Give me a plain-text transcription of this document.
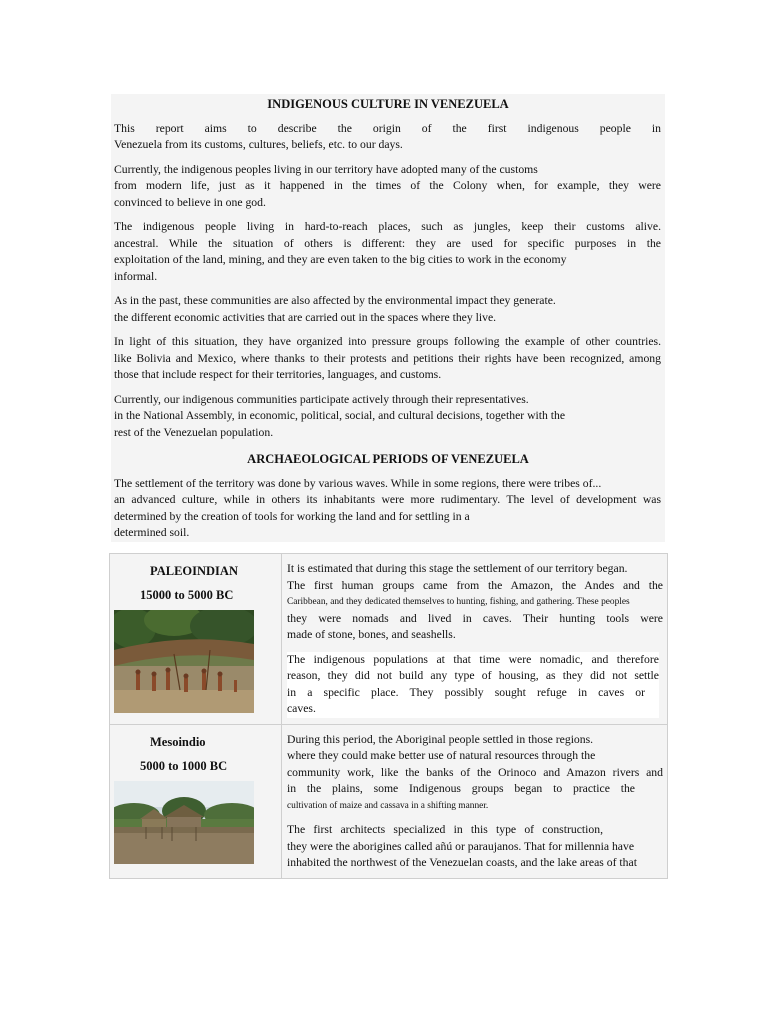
INDIGENOUS CULTURE IN VENEZUELA
This report aims to describe the origin of the first indigenous people in
Venezuela from its customs, cultures, beliefs, etc. to our days.
Currently, the indigenous peoples living in our territory have adopted many of the customs
from modern life, just as it happened in the times of the Colony when, for example, they were
convinced to believe in one god.
The indigenous people living in hard-to-reach places, such as jungles, keep their customs alive.
ancestral. While the situation of others is different: they are used for specific purposes in the
exploitation of the land, mining, and they are even taken to the big cities to work in the economy
informal.
As in the past, these communities are also affected by the environmental impact they generate.
the different economic activities that are carried out in the spaces where they live.
In light of this situation, they have organized into pressure groups following the example of other countries.
like Bolivia and Mexico, where thanks to their protests and petitions their rights have been recognized, among
those that include respect for their territories, languages, and customs.
Currently, our indigenous communities participate actively through their representatives.
in the National Assembly, in economic, political, social, and cultural decisions, together with the
rest of the Venezuelan population.
ARCHAEOLOGICAL PERIODS OF VENEZUELA
The settlement of the territory was done by various waves. While in some regions, there were tribes of...
an advanced culture, while in others its inhabitants were more rudimentary. The level of development was
determined by the creation of tools for working the land and for settling in a
determined soil.
PALEOINDIAN
15000 to 5000 BC

It is estimated that during this stage the settlement of our territory began.
The first human groups came from the Amazon, the Andes and the
Caribbean, and they dedicated themselves to hunting, fishing, and gathering. These peoples
they were nomads and lived in caves. Their hunting tools were
made of stone, bones, and seashells.

The indigenous populations at that time were nomadic, and therefore
reason, they did not build any type of housing, as they did not settle
in a specific place. They possibly sought refuge in caves or
caves.

Mesoindio
5000 to 1000 BC

During this period, the Aboriginal people settled in those regions.
where they could make better use of natural resources through the
community work, like the banks of the Orinoco and Amazon rivers and
in the plains, some Indigenous groups began to practice the
cultivation of maize and cassava in a shifting manner.

The first architects specialized in this type of construction,
they were the aborigines called añú or paraujanos. That for millennia have
inhabited the northwest of the Venezuelan coasts, and the lake areas of that
